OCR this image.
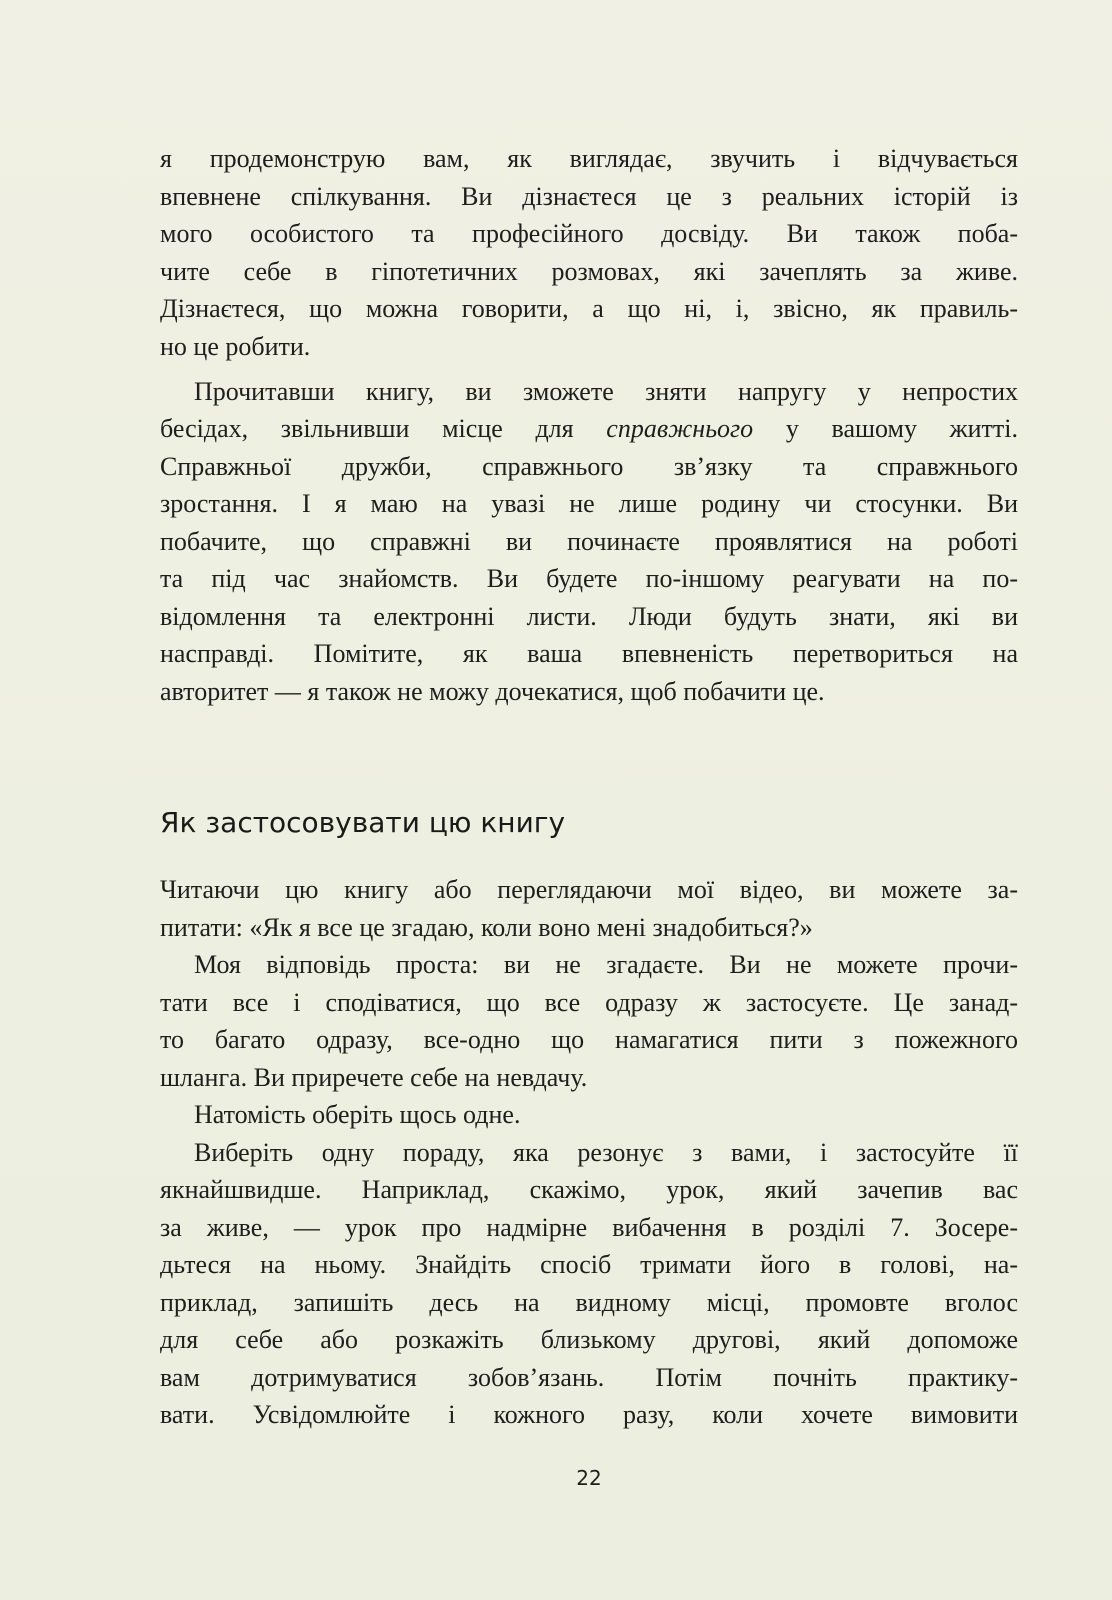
я продемонструю вам, як виглядає, звучить і відчувається
впевнене спілкування. Ви дізнаєтеся це з реальних історій із
мого особистого та професійного досвіду. Ви також поба-
чите себе в гіпотетичних розмовах, які зачеплять за живе.
Дізнаєтеся, що можна говорити, а що ні, і, звісно, як правиль-
но це робити.
Прочитавши книгу, ви зможете зняти напругу у непростих
бесідах, звільнивши місце для справжнього у вашому житті.
Справжньої дружби, справжнього зв’язку та справжнього
зростання. І я маю на увазі не лише родину чи стосунки. Ви
побачите, що справжні ви починаєте проявлятися на роботі
та під час знайомств. Ви будете по-іншому реагувати на по-
відомлення та електронні листи. Люди будуть знати, які ви
насправді. Помітите, як ваша впевненість перетвориться на
авторитет — я також не можу дочекатися, щоб побачити це.
Як застосовувати цю книгу
Читаючи цю книгу або переглядаючи мої відео, ви можете за-
питати: «Як я все це згадаю, коли воно мені знадобиться?»
Моя відповідь проста: ви не згадаєте. Ви не можете прочи-
тати все і сподіватися, що все одразу ж застосуєте. Це занад-
то багато одразу, все-одно що намагатися пити з пожежного
шланга. Ви приречете себе на невдачу.
Натомість оберіть щось одне.
Виберіть одну пораду, яка резонує з вами, і застосуйте її
якнайшвидше. Наприклад, скажімо, урок, який зачепив вас
за живе, — урок про надмірне вибачення в розділі 7. Зосере-
дьтеся на ньому. Знайдіть спосіб тримати його в голові, на-
приклад, запишіть десь на видному місці, промовте вголос
для себе або розкажіть близькому другові, який допоможе
вам дотримуватися зобов’язань. Потім почніть практику-
вати. Усвідомлюйте і кожного разу, коли хочете вимовити
22
